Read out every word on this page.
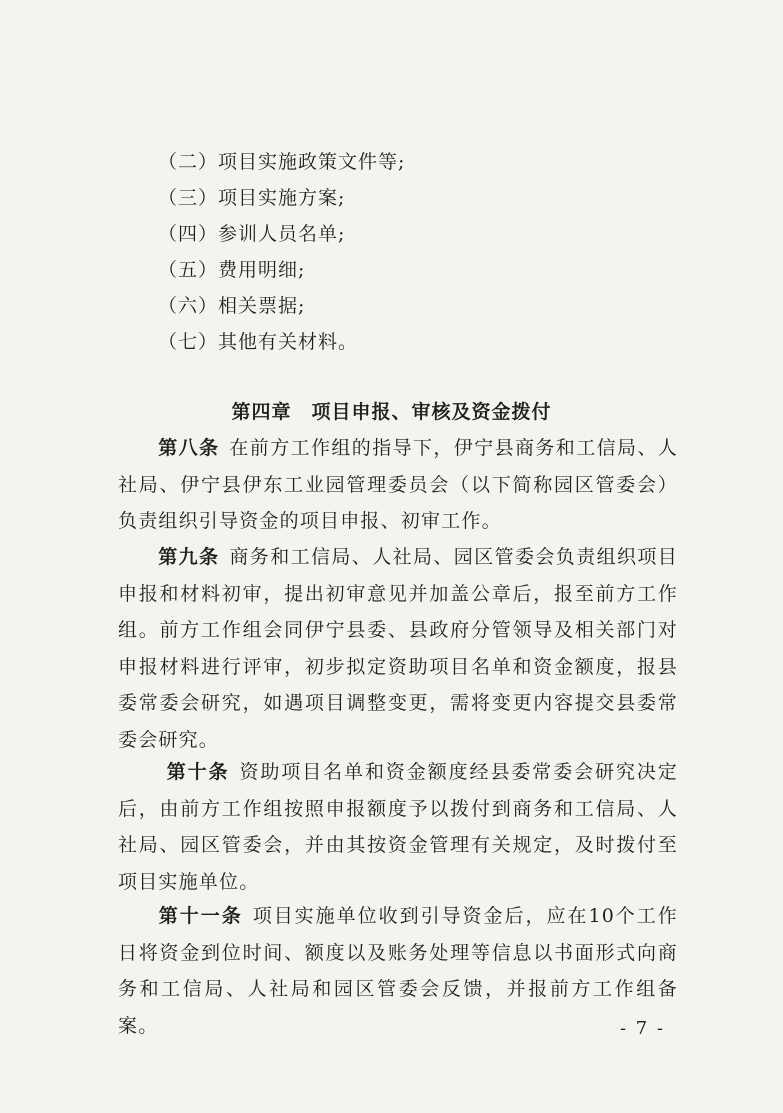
（二）项目实施政策文件等;
（三）项目实施方案;
（四）参训人员名单;
（五）费用明细;
（六）相关票据;
（七）其他有关材料。
第四章　项目申报、审核及资金拨付
第八条 在前方工作组的指导下，伊宁县商务和工信局、人社局、伊宁县伊东工业园管理委员会（以下简称园区管委会）负责组织引导资金的项目申报、初审工作。
第九条 商务和工信局、人社局、园区管委会负责组织项目申报和材料初审，提出初审意见并加盖公章后，报至前方工作组。前方工作组会同伊宁县委、县政府分管领导及相关部门对申报材料进行评审，初步拟定资助项目名单和资金额度，报县委常委会研究，如遇项目调整变更，需将变更内容提交县委常委会研究。
第十条 资助项目名单和资金额度经县委常委会研究决定后，由前方工作组按照申报额度予以拨付到商务和工信局、人社局、园区管委会，并由其按资金管理有关规定，及时拨付至项目实施单位。
第十一条 项目实施单位收到引导资金后，应在10个工作日将资金到位时间、额度以及账务处理等信息以书面形式向商务和工信局、人社局和园区管委会反馈，并报前方工作组备案。	- 7 -
